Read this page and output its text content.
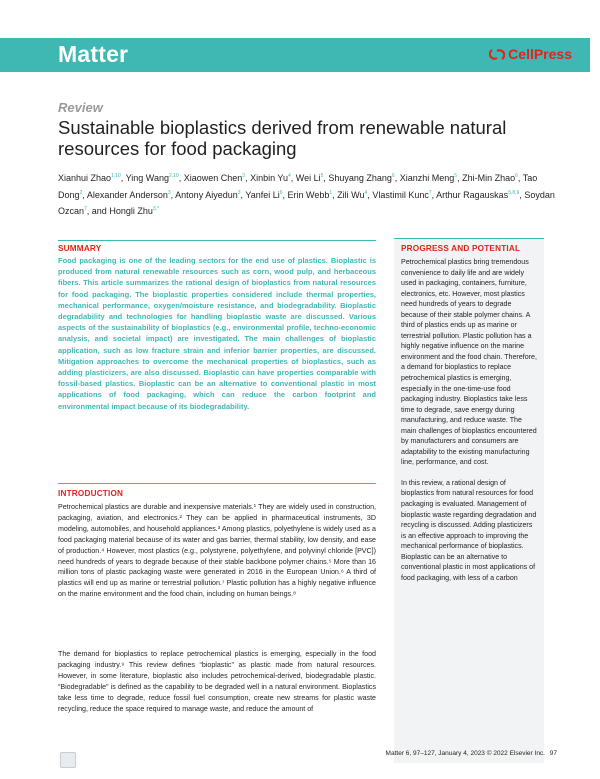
Matter	CellPress
Review
Sustainable bioplastics derived from renewable natural resources for food packaging
Xianhui Zhao$^{1,10}$, Ying Wang$^{2,10}$, Xiaowen Chen$^3$, Xinbin Yu$^4$, Wei Li$^5$, Shuyang Zhang$^6$, Xianzhi Meng$^5$, Zhi-Min Zhao$^6$, Tao Dong$^2$, Alexander Anderson$^3$, Antony Aiyedun$^3$, Yanfei Li$^6$, Erin Webb$^1$, Zili Wu$^4$, Vlastimil Kunc$^7$, Arthur Ragauskas$^{5,8,9}$, Soydan Ozcan$^7$, and Hongli Zhu$^{3,*}$
SUMMARY
Food packaging is one of the leading sectors for the end use of plastics. Bioplastic is produced from natural renewable resources such as corn, wood pulp, and herbaceous fibers. This article summarizes the rational design of bioplastics from natural resources for food packaging. The bioplastic properties considered include thermal properties, mechanical performance, oxygen/moisture resistance, and biodegradability. Bioplastic degradability and technologies for handling bioplastic waste are discussed. Various aspects of the sustainability of bioplastics (e.g., environmental profile, techno-economic analysis, and societal impact) are investigated. The main challenges of bioplastic application, such as low fracture strain and inferior barrier properties, are discussed. Mitigation approaches to overcome the mechanical properties of bioplastics, such as adding plasticizers, are also discussed. Bioplastic can have properties comparable with fossil-based plastics. Bioplastic can be an alternative to conventional plastic in most applications of food packaging, which can reduce the carbon footprint and environmental impact because of its biodegradability.
INTRODUCTION

Petrochemical plastics are durable and inexpensive materials.¹ They are widely used in construction, packaging, aviation, and electronics.² They can be applied in pharmaceutical instruments, 3D modeling, automobiles, and household appliances.³ Among plastics, polyethylene is widely used as a food packaging material because of its water and gas barrier, thermal stability, low density, and ease of production.⁴ However, most plastics (e.g., polystyrene, polyethylene, and polyvinyl chloride [PVC]) need hundreds of years to degrade because of their stable backbone polymer chains.⁵ More than 16 million tons of plastic packaging waste were generated in 2016 in the European Union.⁶ A third of plastics will end up as marine or terrestrial pollution.⁷ Plastic pollution has a highly negative influence on the marine environment and the food chain, including on human beings.⁸

The demand for bioplastics to replace petrochemical plastics is emerging, especially in the food packaging industry.⁹ This review defines “bioplastic” as plastic made from natural resources. However, in some literature, bioplastic also includes petrochemical-derived, biodegradable plastic. “Biodegradable” is defined as the capability to be degraded well in a natural environment. Bioplastics take less time to degrade, reduce fossil fuel consumption, create new streams for plastic waste recycling, reduce the space required to manage waste, and reduce the amount of

PROGRESS AND POTENTIAL

Petrochemical plastics bring tremendous convenience to daily life and are widely used in packaging, containers, furniture, electronics, etc. However, most plastics need hundreds of years to degrade because of their stable polymer chains. A third of plastics ends up as marine or terrestrial pollution. Plastic pollution has a highly negative influence on the marine environment and the food chain. Therefore, a demand for bioplastics to replace petrochemical plastics is emerging, especially in the one-time-use food packaging industry. Bioplastics take less time to degrade, save energy during manufacturing, and reduce waste. The main challenges of bioplastics encountered by manufacturers and consumers are adaptability to the existing manufacturing line, performance, and cost.

In this review, a rational design of bioplastics from natural resources for food packaging is evaluated. Management of bioplastic waste regarding degradation and recycling is discussed. Adding plasticizers is an effective approach to improving the mechanical performance of bioplastics. Bioplastic can be an alternative to conventional plastic in most applications of food packaging, with less of a carbon

Matter 6, 97–127, January 4, 2023 © 2022 Elsevier Inc. 97
